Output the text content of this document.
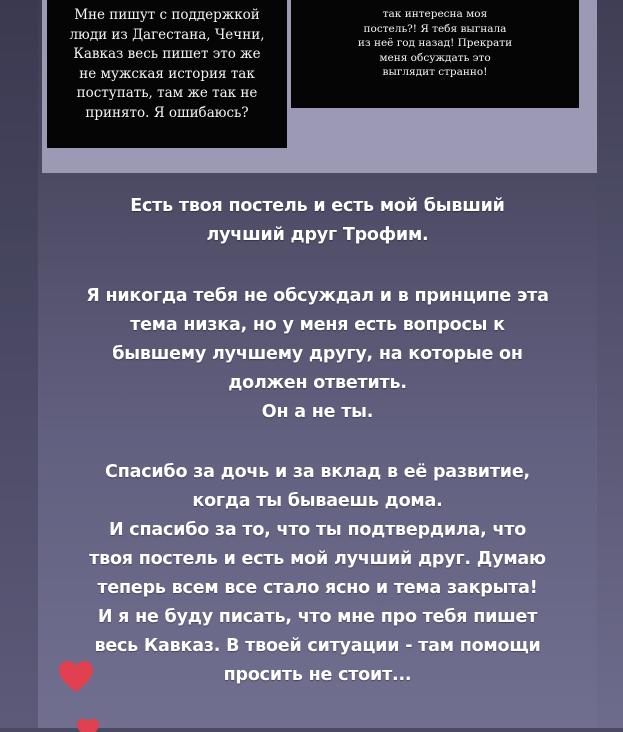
Мне пишут с поддержкой
люди из Дагестана, Чечни,
Кавказ весь пишет это же
не мужская история так
поступать, там же так не
принято. Я ошибаюсь?
так интересна моя
постель?! Я тебя выгнала
из неё год назад! Прекрати
меня обсуждать это
выглядит странно!
Есть твоя постель и есть мой бывший
лучший друг Трофим.
Я никогда тебя не обсуждал и в принципе эта
тема низка, но у меня есть вопросы к
бывшему лучшему другу, на которые он
должен ответить.
Он а не ты.
Спасибо за дочь и за вклад в её развитие,
когда ты бываешь дома.
И спасибо за то, что ты подтвердила, что
твоя постель и есть мой лучший друг. Думаю
теперь всем все стало ясно и тема закрыта!
И я не буду писать, что мне про тебя пишет
весь Кавказ. В твоей ситуации - там помощи
просить не стоит...
